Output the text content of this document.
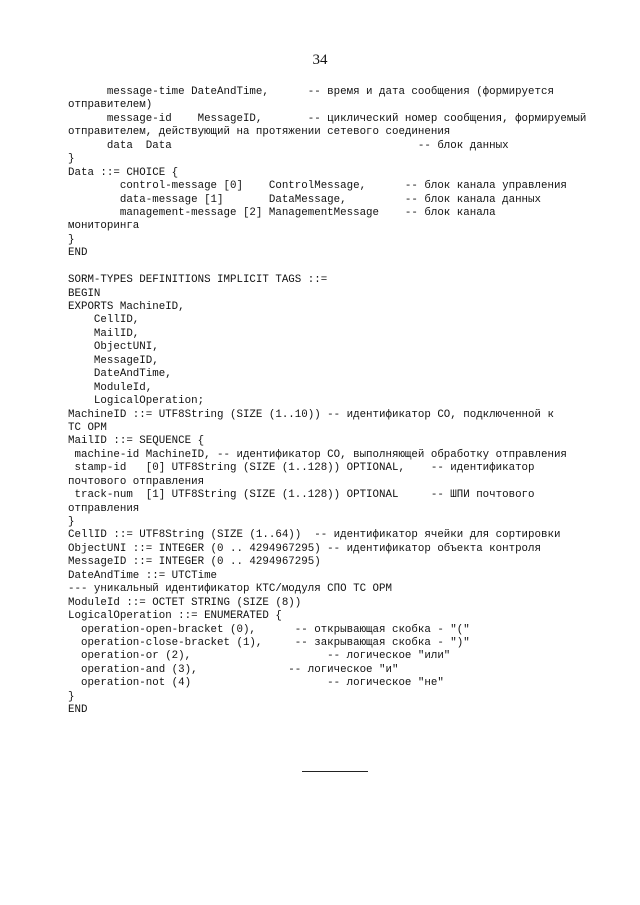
34
message-time DateAndTime,      -- время и дата сообщения (формируется
отправителем)
message-id    MessageID,       -- циклический номер сообщения, формируемый
отправителем, действующий на протяжении сетевого соединения
data  Data                                      -- блок данных
}
Data ::= CHOICE {
control-message [0]    ControlMessage,      -- блок канала управления
data-message [1]       DataMessage,         -- блок канала данных
management-message [2] ManagementMessage    -- блок канала
мониторинга
}
END
SORM-TYPES DEFINITIONS IMPLICIT TAGS ::=
BEGIN
EXPORTS MachineID,
CellID,
MailID,
ObjectUNI,
MessageID,
DateAndTime,
ModuleId,
LogicalOperation;
MachineID ::= UTF8String (SIZE (1..10)) -- идентификатор СО, подключенной к
ТС ОРМ
MailID ::= SEQUENCE {
machine-id MachineID, -- идентификатор СО, выполняющей обработку отправления
stamp-id   [0] UTF8String (SIZE (1..128)) OPTIONAL,    -- идентификатор
почтового отправления
track-num  [1] UTF8String (SIZE (1..128)) OPTIONAL     -- ШПИ почтового
отправления
}
CellID ::= UTF8String (SIZE (1..64))  -- идентификатор ячейки для сортировки
ObjectUNI ::= INTEGER (0 .. 4294967295) -- идентификатор объекта контроля
MessageID ::= INTEGER (0 .. 4294967295)
DateAndTime ::= UTCTime
--- уникальный идентификатор КТС/модуля СПО ТС ОРМ
ModuleId ::= OCTET STRING (SIZE (8))
LogicalOperation ::= ENUMERATED {
operation-open-bracket (0),      -- открывающая скобка - "("
operation-close-bracket (1),     -- закрывающая скобка - ")"
operation-or (2),                     -- логическое "или"
operation-and (3),              -- логическое "и"
operation-not (4)                     -- логическое "не"
}
END
